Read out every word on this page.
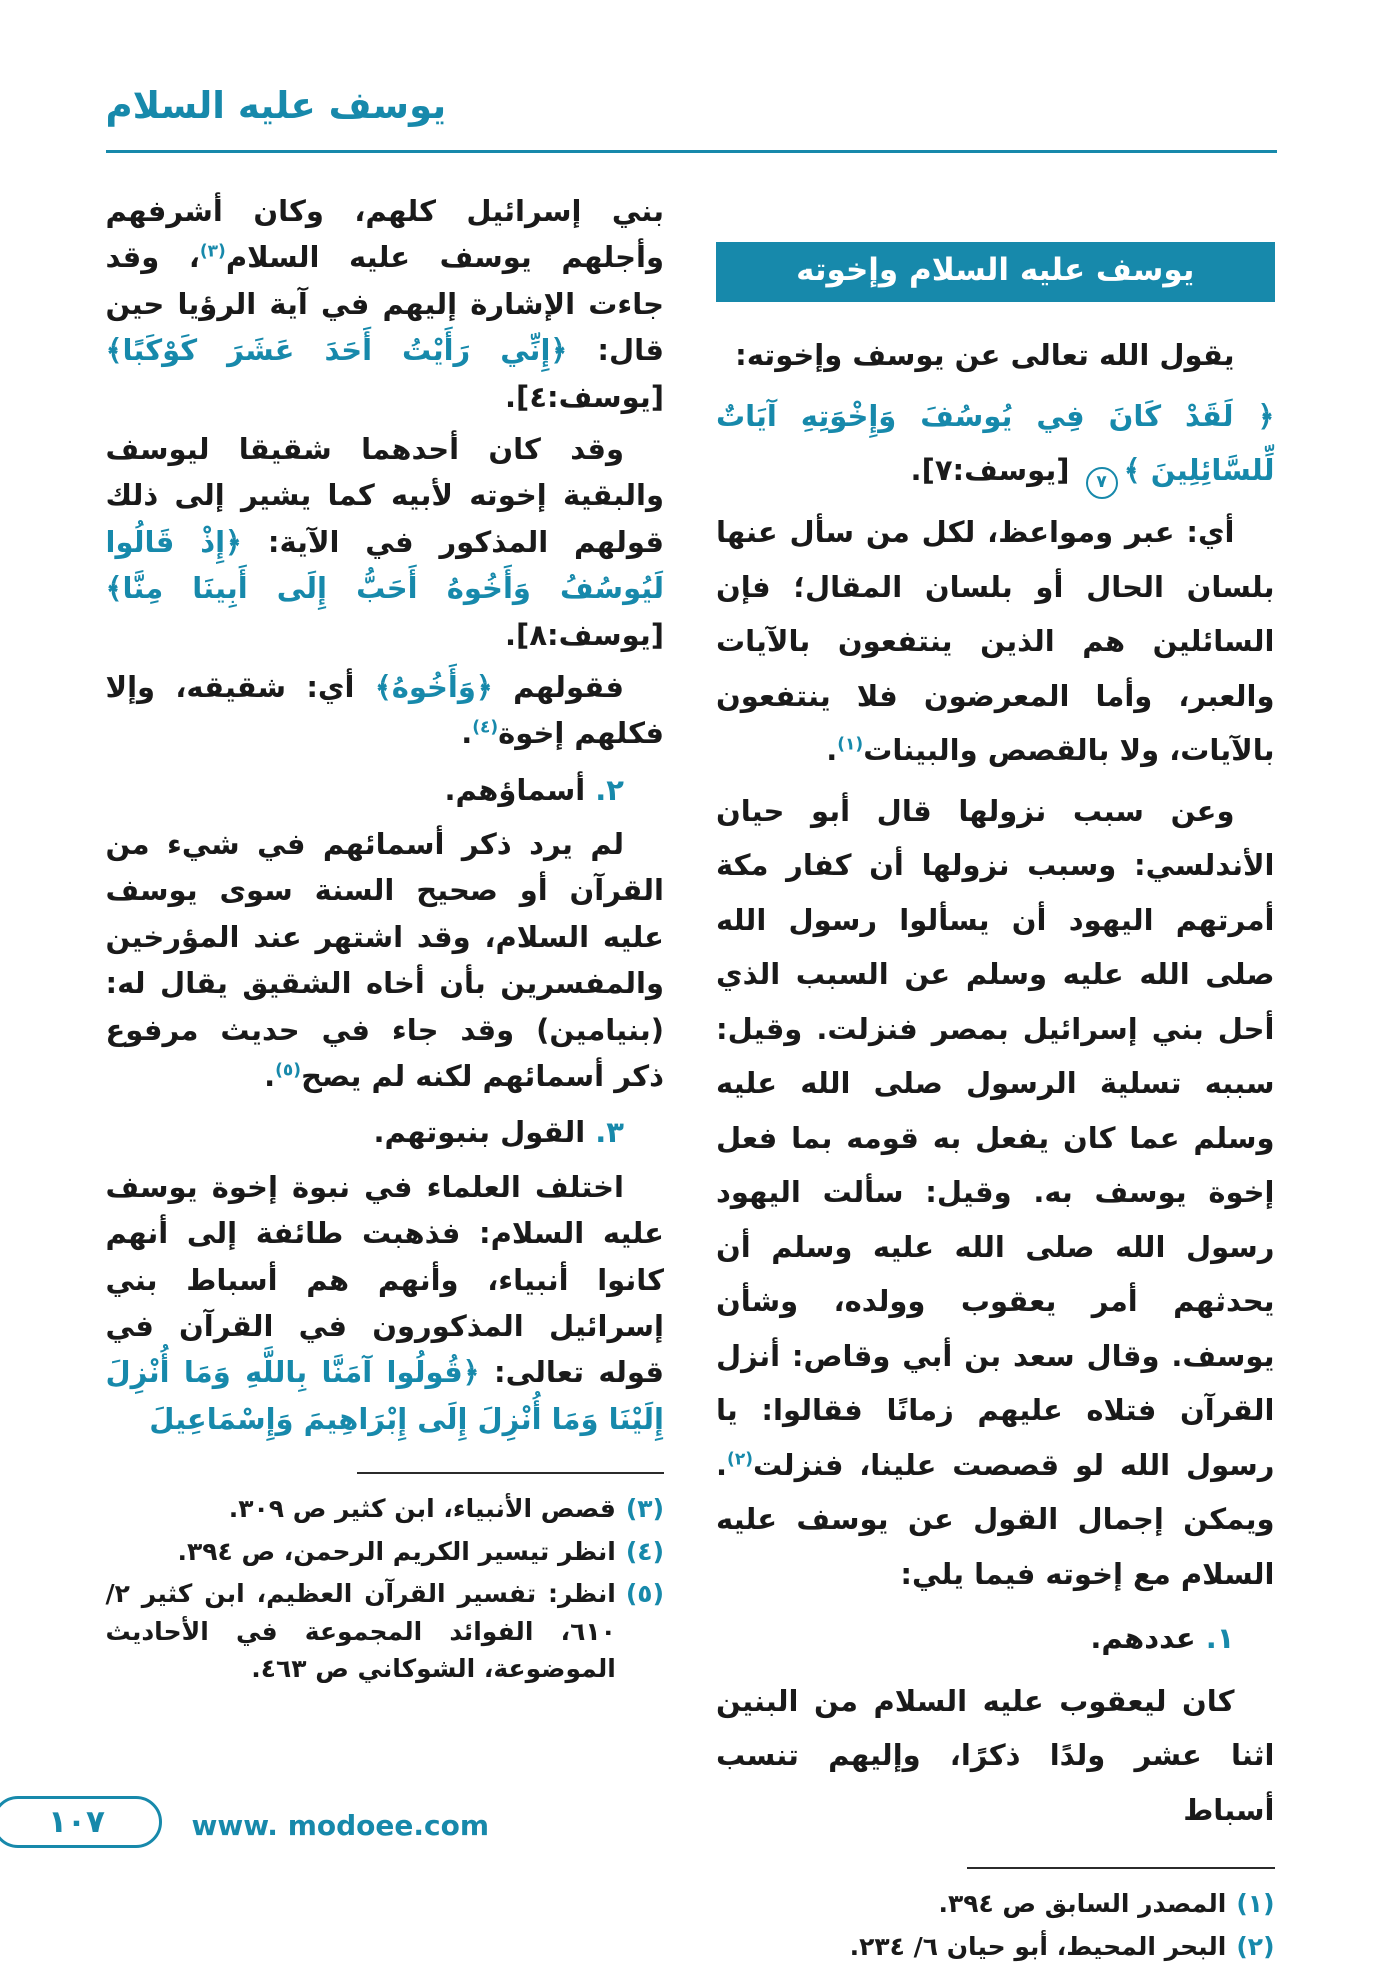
يوسف عليه السلام
يوسف عليه السلام وإخوته

يقول الله تعالى عن يوسف وإخوته:

﴿ لَقَدْ كَانَ فِي يُوسُفَ وَإِخْوَتِهِ آيَاتٌ لِّلسَّائِلِينَ ﴾٧ [يوسف:٧].

أي: عبر ومواعظ، لكل من سأل عنها بلسان الحال أو بلسان المقال؛ فإن السائلين هم الذين ينتفعون بالآيات والعبر، وأما المعرضون فلا ينتفعون بالآيات، ولا بالقصص والبينات$^{(١)}$.

وعن سبب نزولها قال أبو حيان الأندلسي: وسبب نزولها أن كفار مكة أمرتهم اليهود أن يسألوا رسول الله صلى الله عليه وسلم عن السبب الذي أحل بني إسرائيل بمصر فنزلت. وقيل: سببه تسلية الرسول صلى الله عليه وسلم عما كان يفعل به قومه بما فعل إخوة يوسف به. وقيل: سألت اليهود رسول الله صلى الله عليه وسلم أن يحدثهم أمر يعقوب وولده، وشأن يوسف. وقال سعد بن أبي وقاص: أنزل القرآن فتلاه عليهم زمانًا فقالوا: يا رسول الله لو قصصت علينا، فنزلت$^{(٢)}$. ويمكن إجمال القول عن يوسف عليه السلام مع إخوته فيما يلي:

١. عددهم.

كان ليعقوب عليه السلام من البنين اثنا عشر ولدًا ذكرًا، وإليهم تنسب أسباط

(١)
المصدر السابق ص ٣٩٤.
(٢)
البحر المحيط، أبو حيان ٦/ ٢٣٤.

بني إسرائيل كلهم، وكان أشرفهم وأجلهم يوسف عليه السلام$^{(٣)}$، وقد جاءت الإشارة إليهم في آية الرؤيا حين قال: ﴿إِنِّي رَأَيْتُ أَحَدَ عَشَرَ كَوْكَبًا﴾ [يوسف:٤].

وقد كان أحدهما شقيقا ليوسف والبقية إخوته لأبيه كما يشير إلى ذلك قولهم المذكور في الآية: ﴿إِذْ قَالُوا لَيُوسُفُ وَأَخُوهُ أَحَبُّ إِلَى أَبِينَا مِنَّا﴾ [يوسف:٨].

فقولهم ﴿وَأَخُوهُ﴾ أي: شقيقه، وإلا فكلهم إخوة$^{(٤)}$.

٢. أسماؤهم.

لم يرد ذكر أسمائهم في شيء من القرآن أو صحيح السنة سوى يوسف عليه السلام، وقد اشتهر عند المؤرخين والمفسرين بأن أخاه الشقيق يقال له: (بنيامين) وقد جاء في حديث مرفوع ذكر أسمائهم لكنه لم يصح$^{(٥)}$.

٣. القول بنبوتهم.

اختلف العلماء في نبوة إخوة يوسف عليه السلام: فذهبت طائفة إلى أنهم كانوا أنبياء، وأنهم هم أسباط بني إسرائيل المذكورون في القرآن في قوله تعالى: ﴿قُولُوا آمَنَّا بِاللَّهِ وَمَا أُنْزِلَ إِلَيْنَا وَمَا أُنْزِلَ إِلَى إِبْرَاهِيمَ وَإِسْمَاعِيلَ

(٣)
قصص الأنبياء، ابن كثير ص ٣٠٩.
(٤)
انظر تيسير الكريم الرحمن، ص ٣٩٤.
(٥)
انظر: تفسير القرآن العظيم، ابن كثير ٢/ ٦١٠، الفوائد المجموعة في الأحاديث الموضوعة، الشوكاني ص ٤٦٣.
١٠٧	www. modoee.com
